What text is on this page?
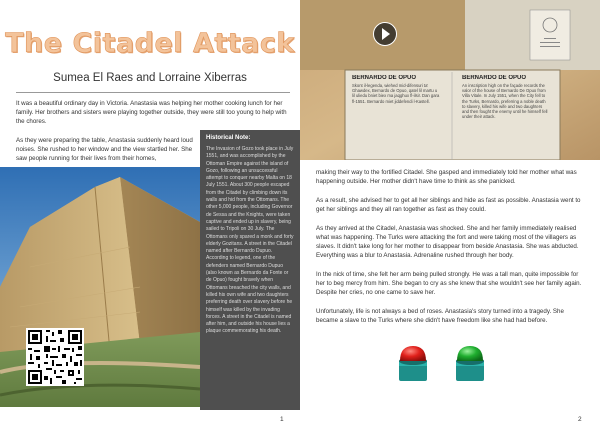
The Citadel Attack
Sumea El Raes and Lorraine Xiberras
It was a beautiful ordinary day in Victoria. Anastasia was helping her mother cooking lunch for her family. Her brothers and sisters were playing together outside, they were still too young to help with the chores.
As they were preparing the table, Anastasia suddenly heard loud noises. She rushed to her window and the view startled her. She saw people running for their lives from their homes,
Historical Note:
The Invasion of Gozo took place in July 1551, and was accomplished by the Ottoman Empire against the island of Gozo, following an unsuccessful attempt to conquer nearby Malta on 18 July 1551. About 300 people escaped from the Citadel by climbing down its walls and hid from the Ottomans. The other 5,000 people, including Governor de Sessa and the Knights, were taken captive and ended up in slavery, being sailed to Tripoli on 30 July. The Ottomans only spared a monk and forty elderly Gozitans. A street in the Citadel named after Bernardo Dupuo. According to legend, one of the defenders named Bernardo Dupuo (also known as Bernardo da Fonte or de Opuo) fought bravely when Ottomans breached the city walls, and killed his own wife and two daughters preferring death over slavery before he himself was killed by the invading forces. A street in the Citadel is named after him, and outside his house lies a plaque commemorating his death.
1
BERNARDO DE OPUO
Skont il-legenda, wiehed mid-difensuri ta' Ghawdex, Bernardo de Opuo, qatel lil martu u lil uliedu bniet biex ma jaqghux fl-ilsir. Dan gara fl-1551. Bernardo miet jiddefendi l-Kastell.
BERNARDO DE OPUO
An inscription high on the façade records the valor of the house of Bernardo De Opuo from Villa Vitale. In July 1551, when the City fell to the Turks, Bernardo, preferring a noble death to slavery, killed his wife and two daughters and then fought the enemy until he himself fell under their attack.
making their way to the fortified Citadel. She gasped and immediately told her mother what was happening outside. Her mother didn't have time to think as she panicked.
As a result, she advised her to get all her siblings and hide as fast as possible. Anastasia went to get her siblings and they all ran together as fast as they could.
As they arrived at the Citadel, Anastasia was shocked. She and her family immediately realised what was happening. The Turks were attacking the fort and were taking most of the villagers as slaves. It didn't take long for her mother to disappear from beside Anastasia. She was abducted. Everything was a blur to Anastasia. Adrenaline rushed through her body.
In the nick of time, she felt her arm being pulled strongly. He was a tall man, quite impossible for her to beg mercy from him. She began to cry as she knew that she wouldn't see her family again. Despite her cries, no one came to save her.
Unfortunately, life is not always a bed of roses. Anastasia's story turned into a tragedy. She became a slave to the Turks where she didn't have freedom like she had had before.
2
